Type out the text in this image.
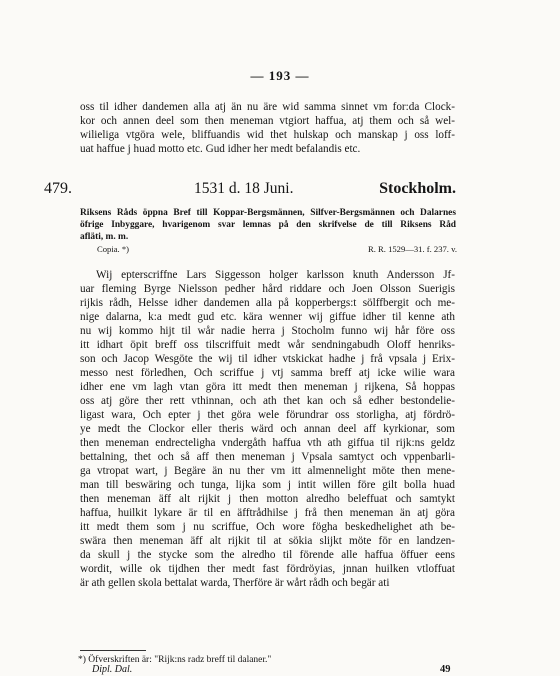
— 193 —
oss til idher dandemen alla atj än nu äre wid samma sinnet vm for:da Clock-
kor och annen deel som then meneman vtgiort haffua, atj them och så wel-
wilieliga vtgöra wele, bliffuandis wid thet hulskap och manskap j oss loff-
uat haffue j huad motto etc. Gud idher her medt befalandis etc.
479.	1531 d. 18 Juni.	Stockholm.
Riksens Råds öppna Bref till Koppar-Bergsmännen, Silfver-Bergsmännen och Dalarnes
öfrige Inbyggare, hvarigenom svar lemnas på den skrifvelse de till Riksens Råd
afläti, m. m.
Copia. *)	R. R. 1529—31. f. 237. v.
Wij epterscriffne Lars Siggesson holger karlsson knuth Andersson Jf-
uar fleming Byrge Nielsson pedher hård riddare och Joen Olsson Suerigis
rijkis rådh, Helsse idher dandemen alla på kopperbergs:t sölffbergit och me-
nige dalarna, k:a medt gud etc. kära wenner wij giffue idher til kenne ath
nu wij kommo hijt til wår nadie herra j Stocholm funno wij hår före oss
itt idhart öpit breff oss tilscriffuit medt wår sendningabudh Oloff henriks-
son och Jacop Wesgöte the wij til idher vtskickat hadhe j frå vpsala j Erix-
messo nest förledhen, Och scriffue j vtj samma breff atj icke wilie wara
idher ene vm lagh vtan göra itt medt then meneman j rijkena, Så hoppas
oss atj göre ther rett vthinnan, och ath thet kan och så edher bestondelie-
ligast wara, Och epter j thet göra wele förundrar oss storligha, atj fördrö-
ye medt the Clockor eller theris wärd och annan deel aff kyrkionar, som
then meneman endrecteligha vndergåth haffua vth ath giffua til rijk:ns geldz
bettalning, thet och så aff then meneman j Vpsala samtyct och vppenbarli-
ga vtropat wart, j Begäre än nu ther vm itt almennelight möte then mene-
man till beswäring och tunga, lijka som j intit willen före gilt bolla huad
then meneman äff alt rijkit j then motton alredho beleffuat och samtykt
haffua, huilkit lykare är til en äfftrådhilse j frå then meneman än atj göra
itt medt them som j nu scriffue, Och wore fögha beskedhelighet ath be-
swära then meneman äff alt rijkit til at sökia slijkt möte för en landzen-
da skull j the stycke som the alredho til förende alle haffua öffuer eens
wordit, wille ok tijdhen ther medt fast fördröyias, jnnan huilken vtloffuat
är ath gellen skola bettalat warda, Therföre är wårt rådh och begär ati
*) Öfverskriften är: "Rijk:ns radz breff til dalaner."
Dipl. Dal.	49
